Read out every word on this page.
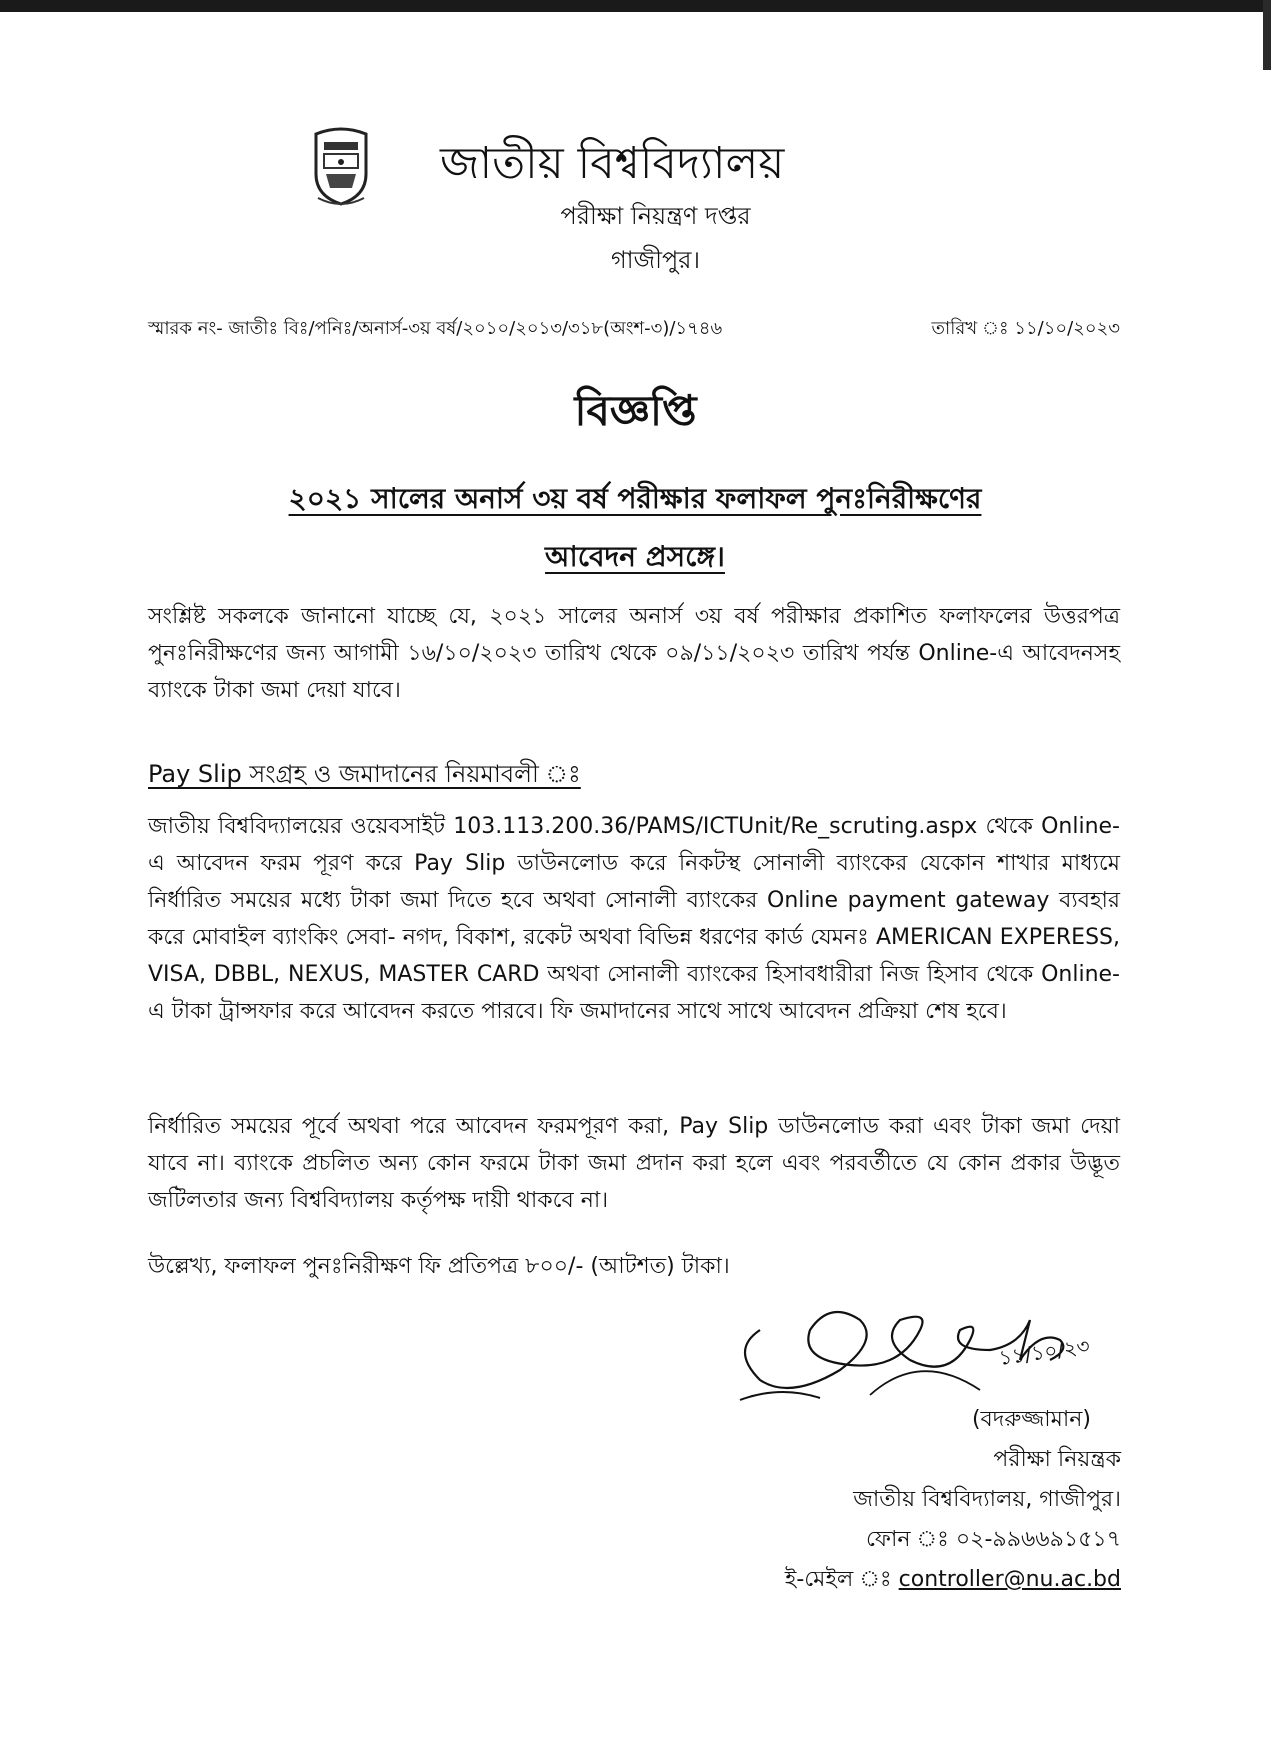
জাতীয় বিশ্ববিদ্যালয়
পরীক্ষা নিয়ন্ত্রণ দপ্তর
গাজীপুর।
স্মারক নং- জাতীঃ বিঃ/পনিঃ/অনার্স-৩য় বর্ষ/২০১০/২০১৩/৩১৮(অংশ-৩)/১৭৪৬	তারিখ ঃ ১১/১০/২০২৩
বিজ্ঞপ্তি
২০২১ সালের অনার্স ৩য় বর্ষ পরীক্ষার ফলাফল পুনঃনিরীক্ষণের
আবেদন প্রসঙ্গে।
সংশ্লিষ্ট সকলকে জানানো যাচ্ছে যে, ২০২১ সালের অনার্স ৩য় বর্ষ পরীক্ষার প্রকাশিত ফলাফলের উত্তরপত্র পুনঃনিরীক্ষণের জন্য আগামী ১৬/১০/২০২৩ তারিখ থেকে ০৯/১১/২০২৩ তারিখ পর্যন্ত Online-এ আবেদনসহ ব্যাংকে টাকা জমা দেয়া যাবে।
Pay Slip সংগ্রহ ও জমাদানের নিয়মাবলী ঃ
জাতীয় বিশ্ববিদ্যালয়ের ওয়েবসাইট 103.113.200.36/PAMS/ICTUnit/Re_scruting.aspx থেকে Online-এ আবেদন ফরম পূরণ করে Pay Slip ডাউনলোড করে নিকটস্থ সোনালী ব্যাংকের যেকোন শাখার মাধ্যমে নির্ধারিত সময়ের মধ্যে টাকা জমা দিতে হবে অথবা সোনালী ব্যাংকের Online payment gateway ব্যবহার করে মোবাইল ব্যাংকিং সেবা- নগদ, বিকাশ, রকেট অথবা বিভিন্ন ধরণের কার্ড যেমনঃ AMERICAN EXPERESS, VISA, DBBL, NEXUS, MASTER CARD অথবা সোনালী ব্যাংকের হিসাবধারীরা নিজ হিসাব থেকে Online-এ টাকা ট্রান্সফার করে আবেদন করতে পারবে। ফি জমাদানের সাথে সাথে আবেদন প্রক্রিয়া শেষ হবে।
নির্ধারিত সময়ের পূর্বে অথবা পরে আবেদন ফরমপূরণ করা, Pay Slip ডাউনলোড করা এবং টাকা জমা দেয়া যাবে না। ব্যাংকে প্রচলিত অন্য কোন ফরমে টাকা জমা প্রদান করা হলে এবং পরবর্তীতে যে কোন প্রকার উদ্ভূত জটিলতার জন্য বিশ্ববিদ্যালয় কর্তৃপক্ষ দায়ী থাকবে না।
উল্লেখ্য, ফলাফল পুনঃনিরীক্ষণ ফি প্রতিপত্র ৮০০/- (আটশত) টাকা।
১১/১০/২৩
(বদরুজ্জামান)
পরীক্ষা নিয়ন্ত্রক
জাতীয় বিশ্ববিদ্যালয়, গাজীপুর।
ফোন ঃ ০২-৯৯৬৬৯১৫১৭
ই-মেইল ঃ controller@nu.ac.bd
